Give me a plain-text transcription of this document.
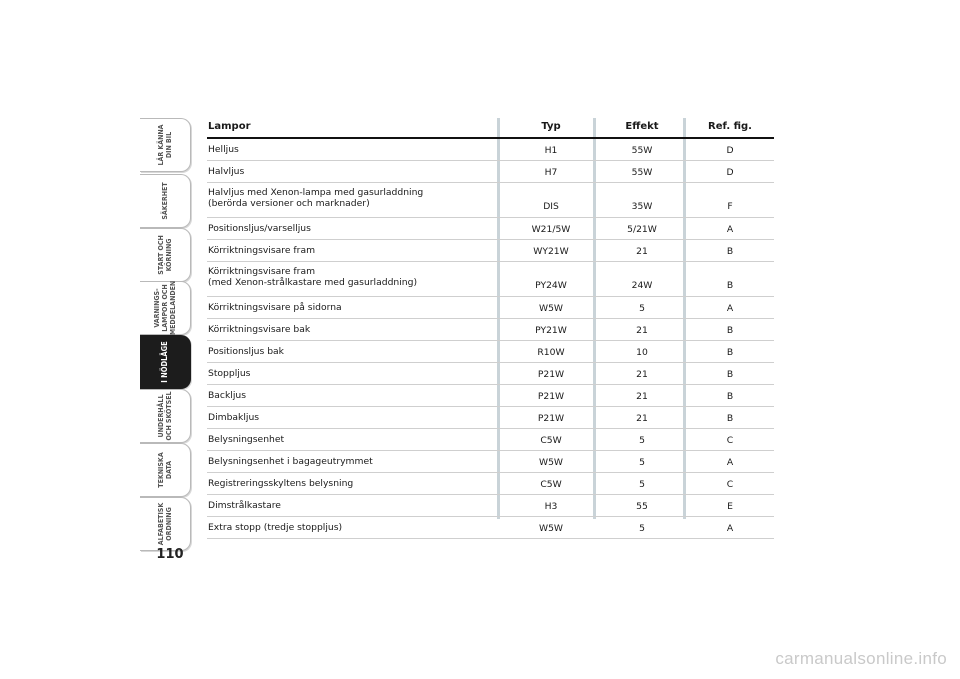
LÄR KÄNNA
DIN BIL
SÄKERHET
START OCH
KÖRNING
VARNINGS-
LAMPOR OCH
MEDDELANDEN
I NÖDLÄGE
UNDERHÅLL
OCH SKÖTSEL
TEKNISKA
DATA
ALFABETISK
ORDNING
110
Lampor	Typ	Effekt	Ref. fig.
Helljus	H1	55W	D
Halvljus	H7	55W	D
Halvljus med Xenon-lampa med gasurladdning
(berörda versioner och marknader)	DIS	35W	F
Positionsljus/varselljus	W21/5W	5/21W	A
Körriktningsvisare fram	WY21W	21	B
Körriktningsvisare fram
(med Xenon-strålkastare med gasurladdning)	PY24W	24W	B
Körriktningsvisare på sidorna	W5W	5	A
Körriktningsvisare bak	PY21W	21	B
Positionsljus bak	R10W	10	B
Stoppljus	P21W	21	B
Backljus	P21W	21	B
Dimbakljus	P21W	21	B
Belysningsenhet	C5W	5	C
Belysningsenhet i bagageutrymmet	W5W	5	A
Registreringsskyltens belysning	C5W	5	C
Dimstrålkastare	H3	55	E
Extra stopp (tredje stoppljus)	W5W	5	A
carmanualsonline.info
